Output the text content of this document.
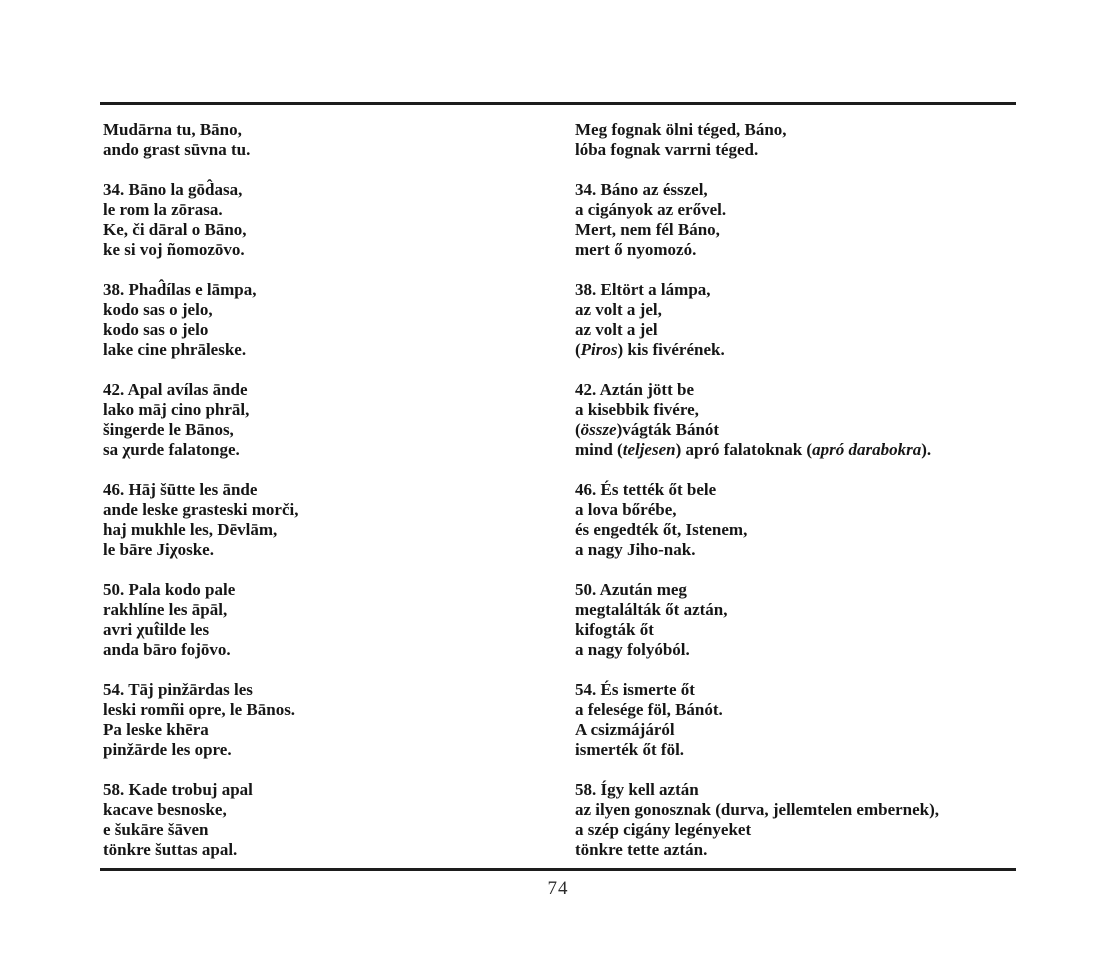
Mudārna tu, Bāno,
ando grast sūvna tu.
34. Bāno la gōd̂asa,
le rom la zōrasa.
Ke, či dāral o Bāno,
ke si voj ñomozōvo.
38. Phad̂ílas e lāmpa,
kodo sas o jelo,
kodo sas o jelo
lake cine phrāleske.
42. Apal avílas ānde
lako māj cino phrāl,
šingerde le Bānos,
sa χurde falatonge.
46. Hāj šūtte les ānde
ande leske grasteski morči,
haj mukhle les, Dēvlām,
le bāre Jiχoske.
50. Pala kodo pale
rakhlíne les āpāl,
avri χut̂ilde les
anda bāro fojōvo.
54. Tāj pinžārdas les
leski romñi opre, le Bānos.
Pa leske khēra
pinžārde les opre.
58. Kade trobuj apal
kacave besnoske,
e šukāre šāven
tönkre šuttas apal.
Meg fognak ölni téged, Báno,
lóba fognak varrni téged.
34. Báno az ésszel,
a cigányok az erővel.
Mert, nem fél Báno,
mert ő nyomozó.
38. Eltört a lámpa,
az volt a jel,
az volt a jel
(Piros) kis fivérének.
42. Aztán jött be
a kisebbik fivére,
(össze)vágták Bánót
mind (teljesen) apró falatoknak (apró darabokra).
46. És tették őt bele
a lova bőrébe,
és engedték őt, Istenem,
a nagy Jiho-nak.
50. Azután meg
megtalálták őt aztán,
kifogták őt
a nagy folyóból.
54. És ismerte őt
a felesége föl, Bánót.
A csizmájáról
ismerték őt föl.
58. Így kell aztán
az ilyen gonosznak (durva, jellemtelen embernek),
a szép cigány legényeket
tönkre tette aztán.
74
